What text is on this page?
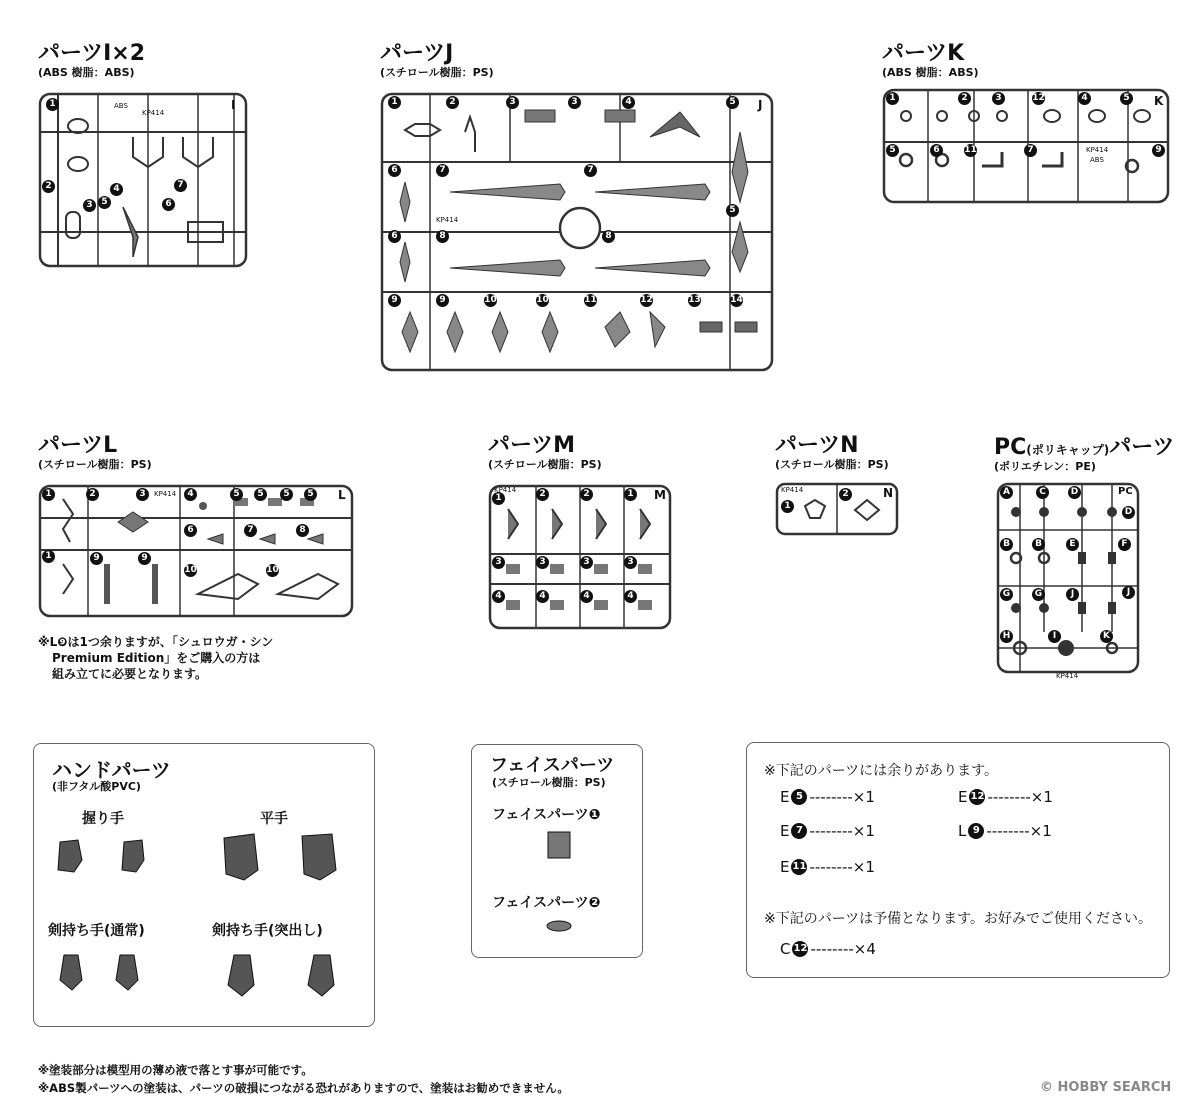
パーツI×2
(ABS 樹脂：ABS)
1
2
3
4
5	6
7
I
ABS
KP414
パーツJ
(スチロール樹脂：PS)
1	2	3	3	4	5
6	7	7
5
6	8	8
9	9	10	10	11	12	13	14
J
KP414
パーツK
(ABS 樹脂：ABS)
1	2	3	12	4	5
5	6	11	7	9
K
KP414
ABS
パーツL
(スチロール樹脂：PS)
1	2	3	4	5	5	5	5
6	7	8
1	9	9
10	10
L
KP414
※L❾は1つ余りますが、「シュロウガ・シン
Premium Edition」をご購入の方は
組み立てに必要となります。
パーツM
(スチロール樹脂：PS)
1	2	2	1
3	3	3	3
4	4	4	4
M
KP414
パーツN
(スチロール樹脂：PS)
KP414
1
2	N
PC(ポリキャップ)パーツ
(ポリエチレン：PE)
A	C	D
D
B	B	E	F
G	G	J	J
H	I	K
PC
KP414
ハンドパーツ
(非フタル酸PVC)
握り手	平手
剣持ち手(通常)	剣持ち手(突出し)
フェイスパーツ
(スチロール樹脂：PS)
フェイスパーツ❶
フェイスパーツ❷
※下記のパーツには余りがあります。
E 5 --------×1	E 12 --------×1
E 7 --------×1	L 9 --------×1
E 11 --------×1
※下記のパーツは予備となります。お好みでご使用ください。
C 12 --------×4
※塗装部分は模型用の薄め液で落とす事が可能です。
※ABS製パーツへの塗装は、パーツの破損につながる恐れがありますので、塗装はお勧めできません。	© HOBBY SEARCH
